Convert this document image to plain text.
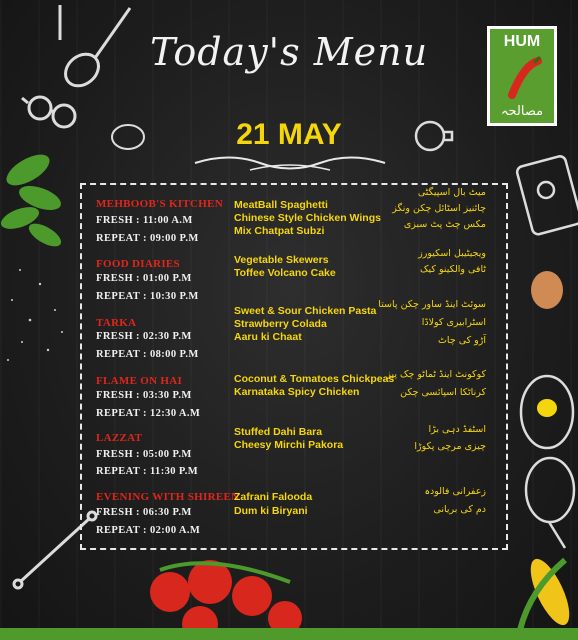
Today's Menu
21 MAY
HUM
مصالحہ
MEHBOOB'S KITCHEN
FRESH : 11:00 A.M
REPEAT : 09:00 P.M
MeatBall Spaghetti
Chinese Style Chicken Wings
Mix Chatpat Subzi
میٹ بال اسپیگٹی
چائنیز اسٹائل چکن ونگز
مکس چٹ پٹ سبزی
FOOD DIARIES
FRESH : 01:00 P.M
REPEAT : 10:30 P.M
Vegetable Skewers
Toffee Volcano Cake
ویجیٹیبل اسکیورز
ٹافی والکینو کیک
TARKA
FRESH : 02:30 P.M
REPEAT : 08:00 P.M
Sweet & Sour Chicken Pasta
Strawberry Colada
Aaru ki Chaat
سوئٹ اینڈ ساور چکن پاستا
اسٹرابیری کولاڈا
آڑو کی چاٹ
FLAME ON HAI
FRESH : 03:30 P.M
REPEAT : 12:30 A.M
Coconut & Tomatoes Chickpeas
Karnataka Spicy Chicken
کوکونٹ اینڈ ٹماٹو چک پیز
کرناٹکا اسپائسی چکن
LAZZAT
FRESH : 05:00 P.M
REPEAT : 11:30 P.M
Stuffed Dahi Bara
Cheesy Mirchi Pakora
اسٹفڈ دہی بڑا
چیزی مرچی پکوڑا
EVENING WITH SHIREEN
FRESH : 06:30 P.M
REPEAT : 02:00 A.M
Zafrani Falooda
Dum ki Biryani
زعفرانی فالودہ
دم کی بریانی
